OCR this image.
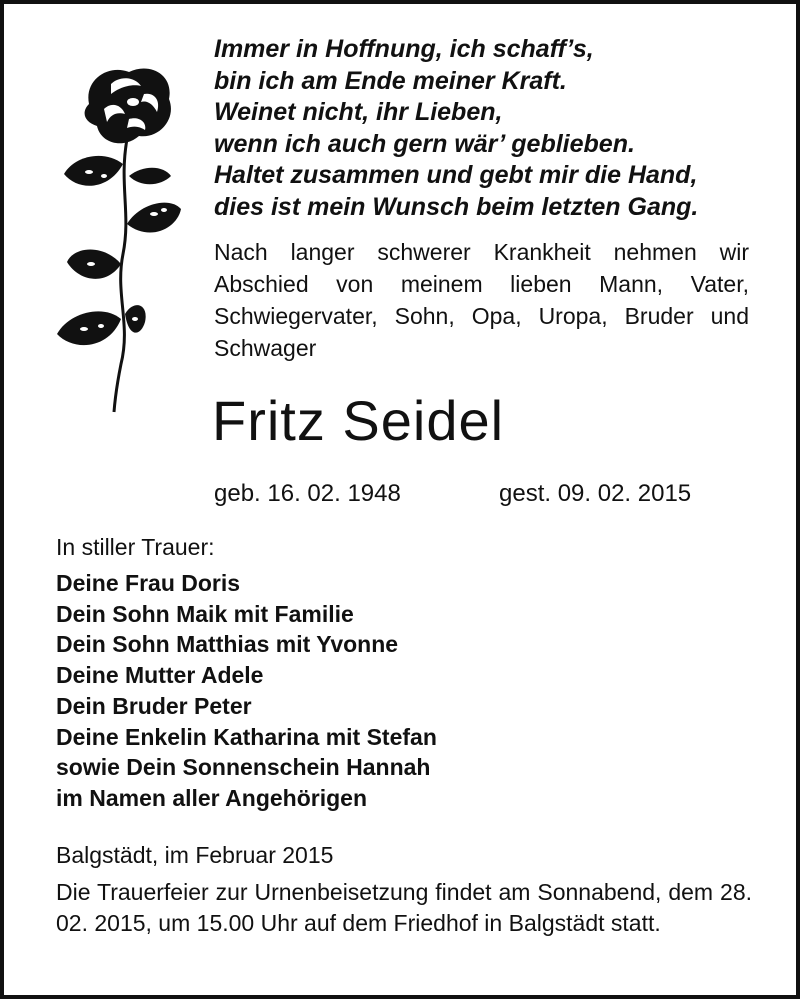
Immer in Hoffnung, ich schaff’s,
bin ich am Ende meiner Kraft.
Weinet nicht, ihr Lieben,
wenn ich auch gern wär’ geblieben.
Haltet zusammen und gebt mir die Hand,
dies ist mein Wunsch beim letzten Gang.
Nach langer schwerer Krankheit nehmen wir Abschied von meinem lieben Mann, Vater, Schwiegervater, Sohn, Opa, Uropa, Bruder und Schwager
Fritz Seidel
geb. 16. 02. 1948	gest. 09. 02. 2015
In stiller Trauer:
Deine Frau Doris
Dein Sohn Maik mit Familie
Dein Sohn Matthias mit Yvonne
Deine Mutter Adele
Dein Bruder Peter
Deine Enkelin Katharina mit Stefan
sowie Dein Sonnenschein Hannah
im Namen aller Angehörigen
Balgstädt, im Februar 2015
Die Trauerfeier zur Urnenbeisetzung findet am Sonnabend, dem 28. 02. 2015, um 15.00 Uhr auf dem Friedhof in Balgstädt statt.
